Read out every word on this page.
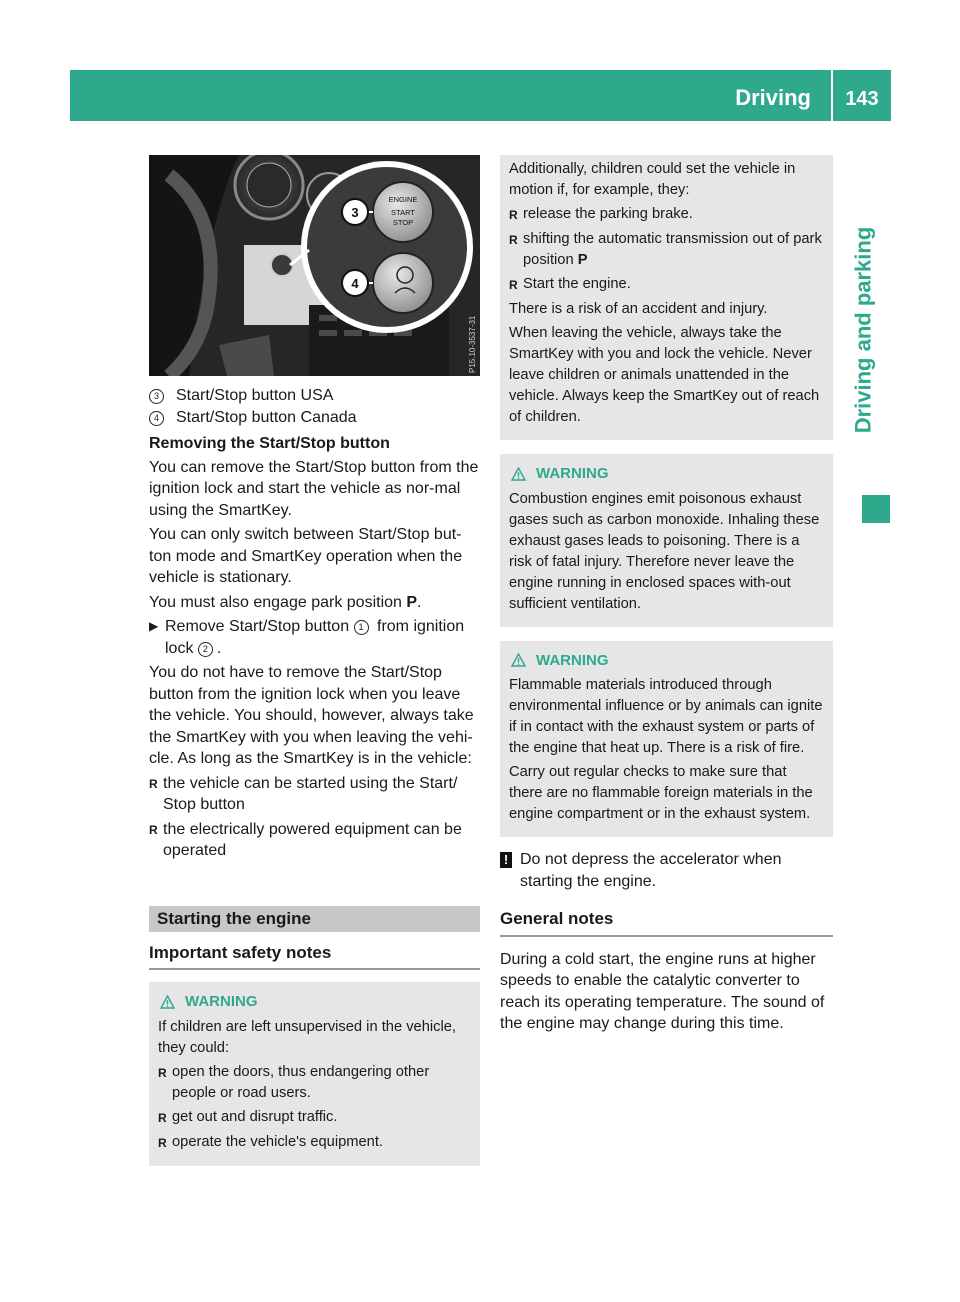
Driving	143
Driving and parking
ENGINE
START
STOP
3
4
P15.10-3537-31
3	Start/Stop button USA
4	Start/Stop button Canada
Removing the Start/Stop button
You can remove the Start/Stop button from the ignition lock and start the vehicle as nor-mal using the SmartKey.
You can only switch between Start/Stop but-ton mode and SmartKey operation when the vehicle is stationary.
You must also engage park position P.
▶ Remove Start/Stop button 1 from ignition lock 2 .
You do not have to remove the Start/Stop button from the ignition lock when you leave the vehicle. You should, however, always take the SmartKey with you when leaving the vehi-cle. As long as the SmartKey is in the vehicle:
R the vehicle can be started using the Start/ Stop button
R the electrically powered equipment can be operated
Starting the engine
Important safety notes
WARNING
If children are left unsupervised in the vehicle, they could:
R open the doors, thus endangering other people or road users.
R get out and disrupt traffic.
R operate the vehicle's equipment.
Additionally, children could set the vehicle in motion if, for example, they:
R release the parking brake.
R shifting the automatic transmission out of park position P
R Start the engine.
There is a risk of an accident and injury.
When leaving the vehicle, always take the SmartKey with you and lock the vehicle. Never leave children or animals unattended in the vehicle. Always keep the SmartKey out of reach of children.
WARNING
Combustion engines emit poisonous exhaust gases such as carbon monoxide. Inhaling these exhaust gases leads to poisoning. There is a risk of fatal injury. Therefore never leave the engine running in enclosed spaces with-out sufficient ventilation.
WARNING
Flammable materials introduced through environmental influence or by animals can ignite if in contact with the exhaust system or parts of the engine that heat up. There is a risk of fire.
Carry out regular checks to make sure that there are no flammable foreign materials in the engine compartment or in the exhaust system.
! Do not depress the accelerator when starting the engine.
General notes
During a cold start, the engine runs at higher speeds to enable the catalytic converter to reach its operating temperature. The sound of the engine may change during this time.
